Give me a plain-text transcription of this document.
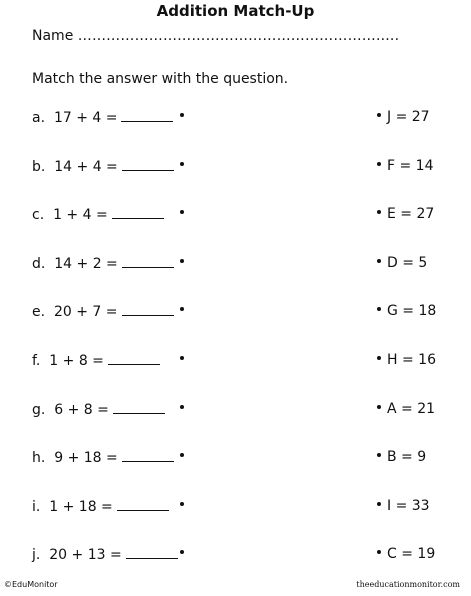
Addition Match-Up
Name ……………………………………………………….....
Match the answer with the question.
a. 17 + 4 =	J = 27
b. 14 + 4 =	F = 14
c. 1 + 4 =	E = 27
d. 14 + 2 =	D = 5
e. 20 + 7 =	G = 18
f. 1 + 8 =	H = 16
g. 6 + 8 =	A = 21
h. 9 + 18 =	B = 9
i. 1 + 18 =	I = 33
j. 20 + 13 =	C = 19
©EduMonitor	theeducationmonitor.com
